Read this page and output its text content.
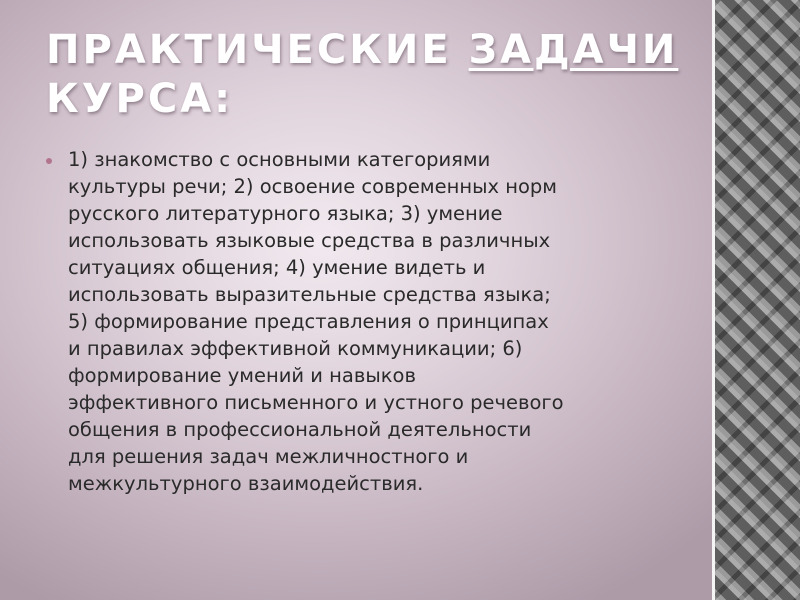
ПРАКТИЧЕСКИЕ ЗАДАЧИ
КУРСА:
1) знакомство с основными категориями
культуры речи; 2) освоение современных норм
русского литературного языка; 3) умение
использовать языковые средства в различных
ситуациях общения; 4) умение видеть и
использовать выразительные средства языка;
5) формирование представления о принципах
и правилах эффективной коммуникации; 6)
формирование умений и навыков
эффективного письменного и устного речевого
общения в профессиональной деятельности
для решения задач межличностного и
межкультурного взаимодействия.
